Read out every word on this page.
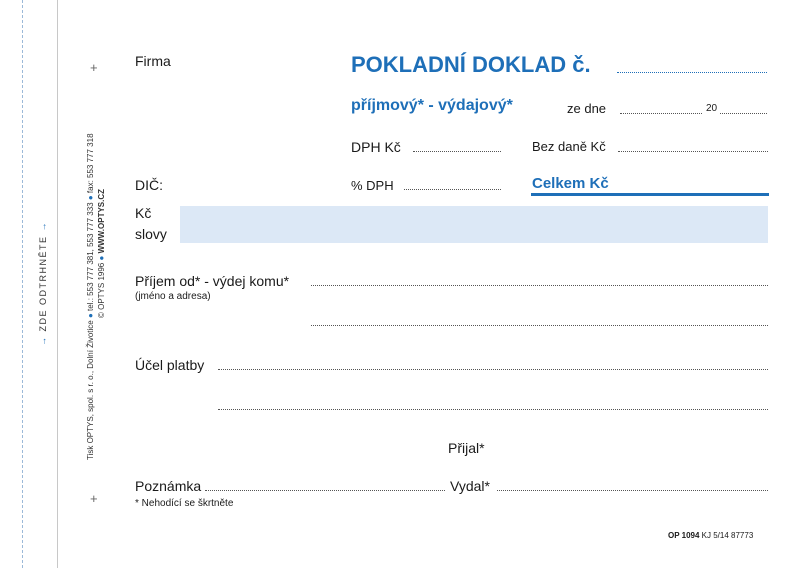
→ ZDE ODTRHNĚTE →
Tisk OPTYS, spol. s r. o., Dolní Životice ● tel.: 553 777 381, 553 777 333 ● fax: 553 777 318
© OPTYS 1996 ● WWW.OPTYS.CZ
+
+
Firma	POKLADNÍ DOKLAD č.
příjmový* - výdajový*	ze dne	20
DPH Kč	Bez daně Kč
DIČ:	% DPH	Celkem Kč
Kč
slovy
Příjem od* - výdej komu*
(jméno a adresa)
Účel platby
Přijal*
Poznámka	Vydal*
* Nehodící se škrtněte
OP 1094 KJ 5/14 87773
